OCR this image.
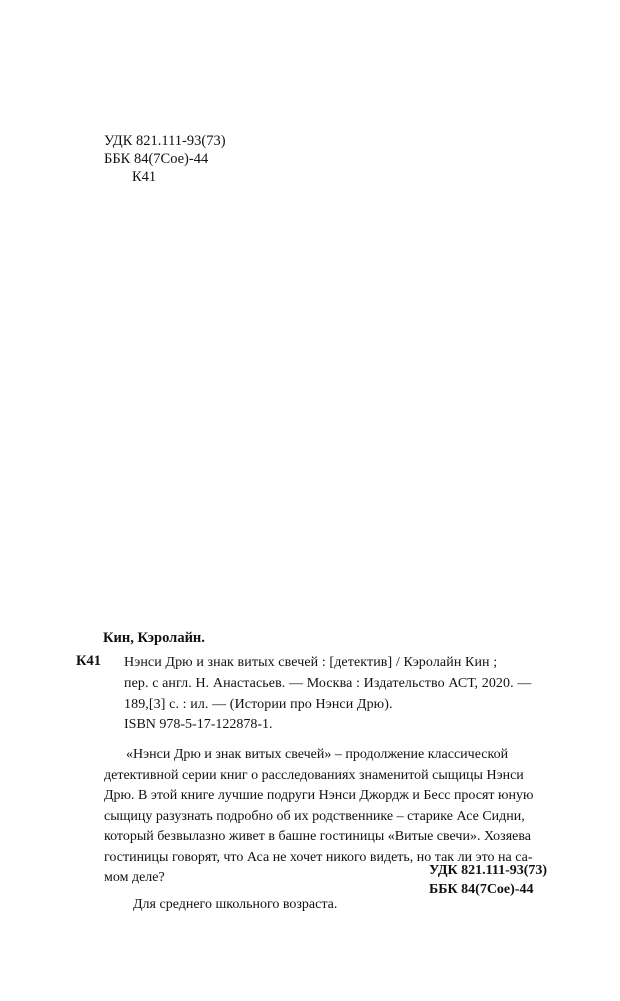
УДК 821.111-93(73)
ББК 84(7Сое)-44
К41
Кин, Кэролайн.
К41 Нэнси Дрю и знак витых свечей : [детектив] / Кэролайн Кин ;
пер. с англ. Н. Анастасьев. — Москва : Издательство АСТ, 2020. —
189,[3] с. : ил. — (Истории про Нэнси Дрю).
ISBN 978-5-17-122878-1.
«Нэнси Дрю и знак витых свечей» – продолжение классической
детективной серии книг о расследованиях знаменитой сыщицы Нэнси
Дрю. В этой книге лучшие подруги Нэнси Джордж и Бесс просят юную
сыщицу разузнать подробно об их родственнике – старике Асе Сидни,
который безвылазно живет в башне гостиницы «Витые свечи». Хозяева
гостиницы говорят, что Аса не хочет никого видеть, но так ли это на са-
мом деле?
Для среднего школьного возраста.
УДК 821.111-93(73)
ББК 84(7Сое)-44
